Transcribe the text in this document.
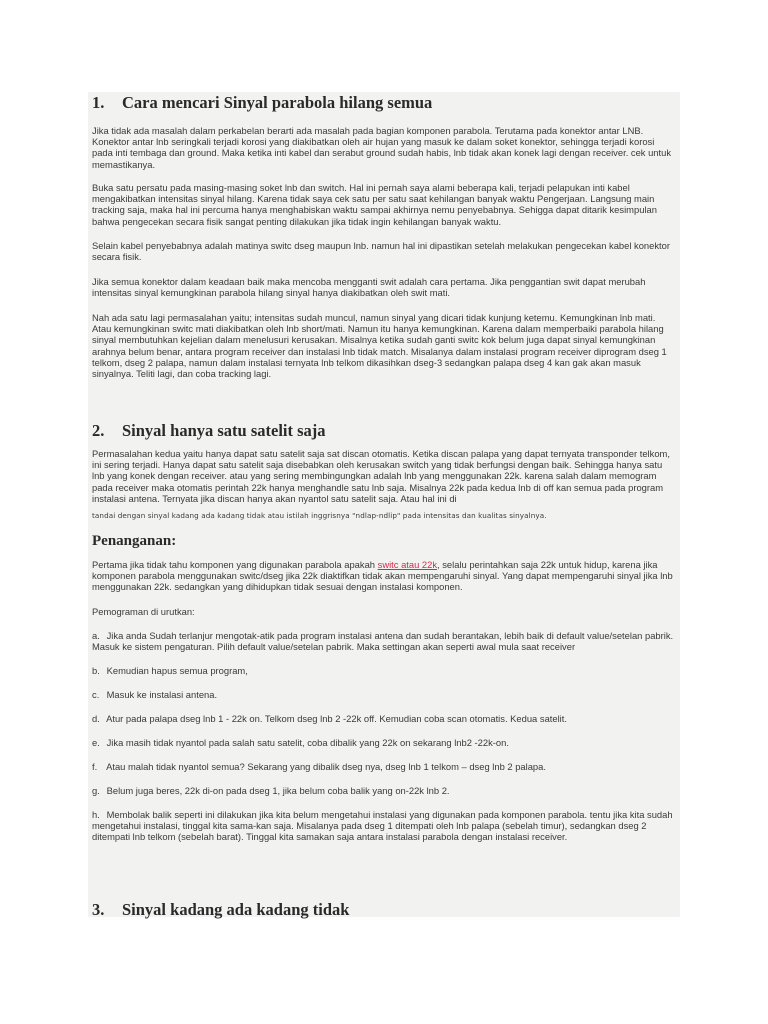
1. Cara mencari Sinyal parabola hilang semua

Jika tidak ada masalah dalam perkabelan berarti ada masalah pada bagian komponen parabola. Terutama pada konektor antar LNB. Konektor antar lnb seringkali terjadi korosi yang diakibatkan oleh air hujan yang masuk ke dalam soket konektor, sehingga terjadi korosi pada inti tembaga dan ground. Maka ketika inti kabel dan serabut ground sudah habis, lnb tidak akan konek lagi dengan receiver. cek untuk memastikanya.

Buka satu persatu pada masing-masing soket lnb dan switch. Hal ini pernah saya alami beberapa kali, terjadi pelapukan inti kabel mengakibatkan intensitas sinyal hilang. Karena tidak saya cek satu per satu saat kehilangan banyak waktu Pengerjaan. Langsung main tracking saja, maka hal ini percuma hanya menghabiskan waktu sampai akhirnya nemu penyebabnya. Sehigga dapat ditarik kesimpulan bahwa pengecekan secara fisik sangat penting dilakukan jika tidak ingin kehilangan banyak waktu.

Selain kabel penyebabnya adalah matinya switc dseg maupun lnb. namun hal ini dipastikan setelah melakukan pengecekan kabel konektor secara fisik.

Jika semua konektor dalam keadaan baik maka mencoba mengganti swit adalah cara pertama. Jika penggantian swit dapat merubah intensitas sinyal kemungkinan parabola hilang sinyal hanya diakibatkan oleh swit mati.

Nah ada satu lagi permasalahan yaitu; intensitas sudah muncul, namun sinyal yang dicari tidak kunjung ketemu. Kemungkinan lnb mati. Atau kemungkinan switc mati diakibatkan oleh lnb short/mati. Namun itu hanya kemungkinan. Karena dalam memperbaiki parabola hilang sinyal membutuhkan kejelian dalam menelusuri kerusakan. Misalnya ketika sudah ganti switc kok belum juga dapat sinyal kemungkinan arahnya belum benar, antara program receiver dan instalasi lnb tidak match. Misalanya dalam instalasi program receiver diprogram dseg 1 telkom, dseg 2 palapa, namun dalam instalasi ternyata lnb telkom dikasihkan dseg-3 sedangkan palapa dseg 4 kan gak akan masuk sinyalnya. Teliti lagi, dan coba tracking lagi.

2. Sinyal hanya satu satelit saja

Permasalahan kedua yaitu hanya dapat satu satelit saja sat discan otomatis. Ketika discan palapa yang dapat ternyata transponder telkom, ini sering terjadi. Hanya dapat satu satelit saja disebabkan oleh kerusakan switch yang tidak berfungsi dengan baik. Sehingga hanya satu lnb yang konek dengan receiver. atau yang sering membingungkan adalah lnb yang menggunakan 22k. karena salah dalam memogram pada receiver maka otomatis perintah 22k hanya menghandle satu lnb saja. Misalnya 22k pada kedua lnb di off kan semua pada program instalasi antena. Ternyata jika discan hanya akan nyantol satu satelit saja. Atau hal ini di

tandai dengan sinyal kadang ada kadang tidak atau istilah inggrisnya "ndlap-ndlip" pada intensitas dan kualitas sinyalnya.

Penanganan:

Pertama jika tidak tahu komponen yang digunakan parabola apakah switc atau 22k, selalu perintahkan saja 22k untuk hidup, karena jika komponen parabola menggunakan switc/dseg jika 22k diaktifkan tidak akan mempengaruhi sinyal. Yang dapat mempengaruhi sinyal jika lnb menggunakan 22k. sedangkan yang dihidupkan tidak sesuai dengan instalasi komponen.

Pemograman di urutkan:

a. Jika anda Sudah terlanjur mengotak-atik pada program instalasi antena dan sudah berantakan, lebih baik di default value/setelan pabrik. Masuk ke sistem pengaturan. Pilih default value/setelan pabrik. Maka settingan akan seperti awal mula saat receiver

b. Kemudian hapus semua program,

c. Masuk ke instalasi antena.

d. Atur pada palapa dseg lnb 1 - 22k on. Telkom dseg lnb 2 -22k off. Kemudian coba scan otomatis. Kedua satelit.

e. Jika masih tidak nyantol pada salah satu satelit, coba dibalik yang 22k on sekarang lnb2 -22k-on.

f. Atau malah tidak nyantol semua? Sekarang yang dibalik dseg nya, dseg lnb 1 telkom – dseg lnb 2 palapa.

g. Belum juga beres, 22k di-on pada dseg 1, jika belum coba balik yang on-22k lnb 2.

h. Membolak balik seperti ini dilakukan jika kita belum mengetahui instalasi yang digunakan pada komponen parabola. tentu jika kita sudah mengetahui instalasi, tinggal kita sama-kan saja. Misalanya pada dseg 1 ditempati oleh lnb palapa (sebelah timur), sedangkan dseg 2 ditempati lnb telkom (sebelah barat). Tinggal kita samakan saja antara instalasi parabola dengan instalasi receiver.

3. Sinyal kadang ada kadang tidak
